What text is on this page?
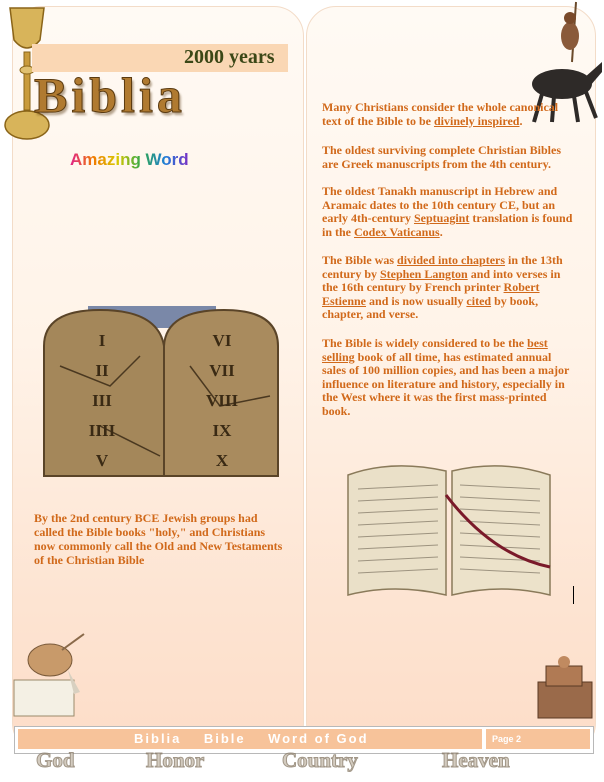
2000 years
Biblia
Amazing Word
I
II
III
IIII
V
VI
VII
VIII
IX
X
By the 2nd century BCE Jewish groups had called the Bible books "holy," and Christians now commonly call the Old and New Testaments of the Christian Bible

Many Christians consider the whole canonical text of the Bible to be divinely inspired.

The oldest surviving complete Christian Bibles are Greek manuscripts from the 4th century.

The oldest Tanakh manuscript in Hebrew and Aramaic dates to the 10th century CE, but an early 4th-century Septuagint translation is found in the Codex Vaticanus.

The Bible was divided into chapters in the 13th century by Stephen Langton and into verses in the 16th century by French printer Robert Estienne and is now usually cited by book, chapter, and verse.

The Bible is widely considered to be the best selling book of all time, has estimated annual sales of 100 million copies, and has been a major influence on literature and history, especially in the West where it was the first mass-printed book.

Biblia    Bible    Word of God	Page 2
God	Honor	Country	Heaven
